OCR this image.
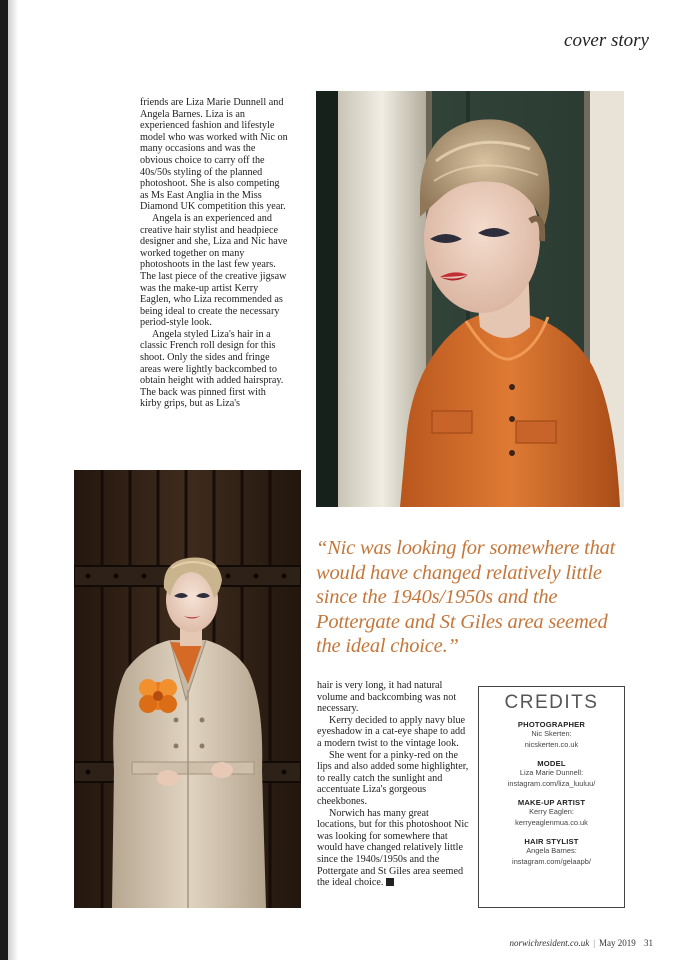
cover story

friends are Liza Marie Dunnell and Angela Barnes. Liza is an experienced fashion and lifestyle model who was worked with Nic on many occasions and was the obvious choice to carry off the 40s/50s styling of the planned photoshoot. She is also competing as Ms East Anglia in the Miss Diamond UK competition this year.

Angela is an experienced and creative hair stylist and headpiece designer and she, Liza and Nic have worked together on many photoshoots in the last few years. The last piece of the creative jigsaw was the make-up artist Kerry Eaglen, who Liza recommended as being ideal to create the necessary period-style look.

Angela styled Liza's hair in a classic French roll design for this shoot. Only the sides and fringe areas were lightly backcombed to obtain height with added hairspray. The back was pinned first with kirby grips, but as Liza's

“Nic was looking for somewhere that would have changed relatively little since the 1940s/1950s and the Pottergate and St Giles area seemed the ideal choice.”

hair is very long, it had natural volume and backcombing was not necessary.

Kerry decided to apply navy blue eyeshadow in a cat-eye shape to add a modern twist to the vintage look.

She went for a pinky-red on the lips and also added some highlighter, to really catch the sunlight and accentuate Liza's gorgeous cheekbones.

Norwich has many great locations, but for this photoshoot Nic was looking for somewhere that would have changed relatively little since the 1940s/1950s and the Pottergate and St Giles area seemed the ideal choice.

CREDITS
PHOTOGRAPHER
Nic Skerten:
nicskerten.co.uk
MODEL
Liza Marie Dunnell:
instagram.com/liza_luuluu/
MAKE-UP ARTIST
Kerry Eaglen:
kerryeaglenmua.co.uk
HAIR STYLIST
Angela Barnes:
instagram.com/gelaapb/
norwichresident.co.uk | May 2019 31
